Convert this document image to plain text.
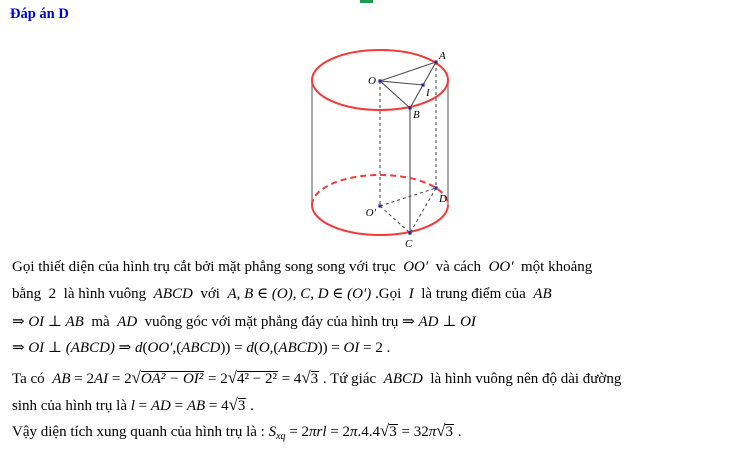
Đáp án D
O
A
I
B
O′
D
C
Gọi thiết diện của hình trụ cắt bởi mặt phẳng song song với trục  OO′  và cách  OO′  một khoảng
bằng  2  là hình vuông  ABCD  với  A, B ∈ (O), C, D ∈ (O′) .Gọi  I  là trung điểm của  AB
⇒ OI ⊥ AB  mà  AD  vuông góc với mặt phẳng đáy của hình trụ ⇒ AD ⊥ OI
⇒ OI ⊥ (ABCD) ⇒ d(OO′,(ABCD)) = d(O,(ABCD)) = OI = 2 .
Ta có  AB = 2AI = 2√OA² − OI² = 2√4² − 2² = 4√3 . Tứ giác  ABCD  là hình vuông nên độ dài đường
sinh của hình trụ là l = AD = AB = 4√3 .
Vậy diện tích xung quanh của hình trụ là : $S_{xq} = 2\pi rl = 2\pi.4.4√3 = 32\pi√3$ .
